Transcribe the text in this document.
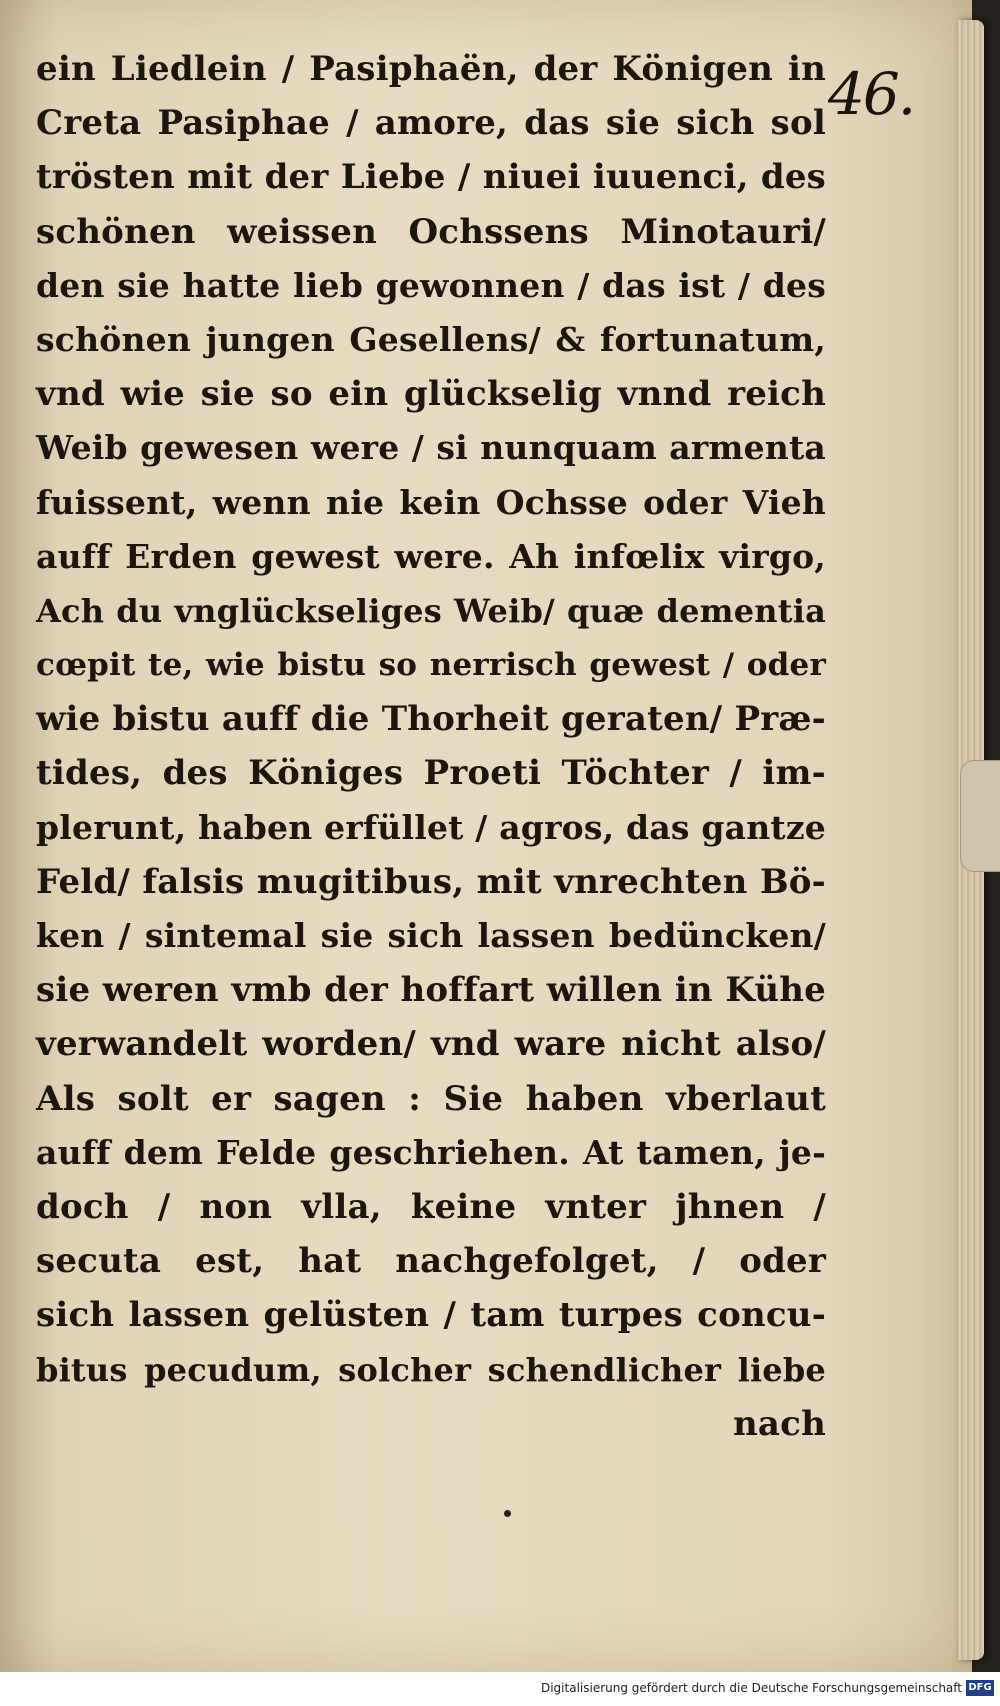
46.
ein Liedlein / Pasiphaën, der Königen in
Creta Pasiphae / amore, das sie sich sol
trösten mit der Liebe / niuei iuuenci, des
schönen weissen Ochssens Minotauri/
den sie hatte lieb gewonnen / das ist / des
schönen jungen Gesellens/ & fortunatum,
vnd wie sie so ein glückselig vnnd reich
Weib gewesen were / si nunquam armenta
fuissent, wenn nie kein Ochsse oder Vieh
auff Erden gewest were. Ah infœlix virgo,
Ach du vnglückseliges Weib/ quæ dementia
cœpit te, wie bistu so nerrisch gewest / oder
wie bistu auff die Thorheit geraten/ Præ-
tides, des Königes Proeti Töchter / im-
plerunt, haben erfüllet / agros, das gantze
Feld/ falsis mugitibus, mit vnrechten Bö-
ken / sintemal sie sich lassen bedüncken/
sie weren vmb der hoffart willen in Kühe
verwandelt worden/ vnd ware nicht also/
Als solt er sagen : Sie haben vberlaut
auff dem Felde geschriehen. At tamen, je-
doch / non vlla, keine vnter jhnen /
secuta est, hat nachgefolget, / oder
sich lassen gelüsten / tam turpes concu-
bitus pecudum, solcher schendlicher liebe
nach
Digitalisierung gefördert durch die Deutsche Forschungsgemeinschaft DFG
